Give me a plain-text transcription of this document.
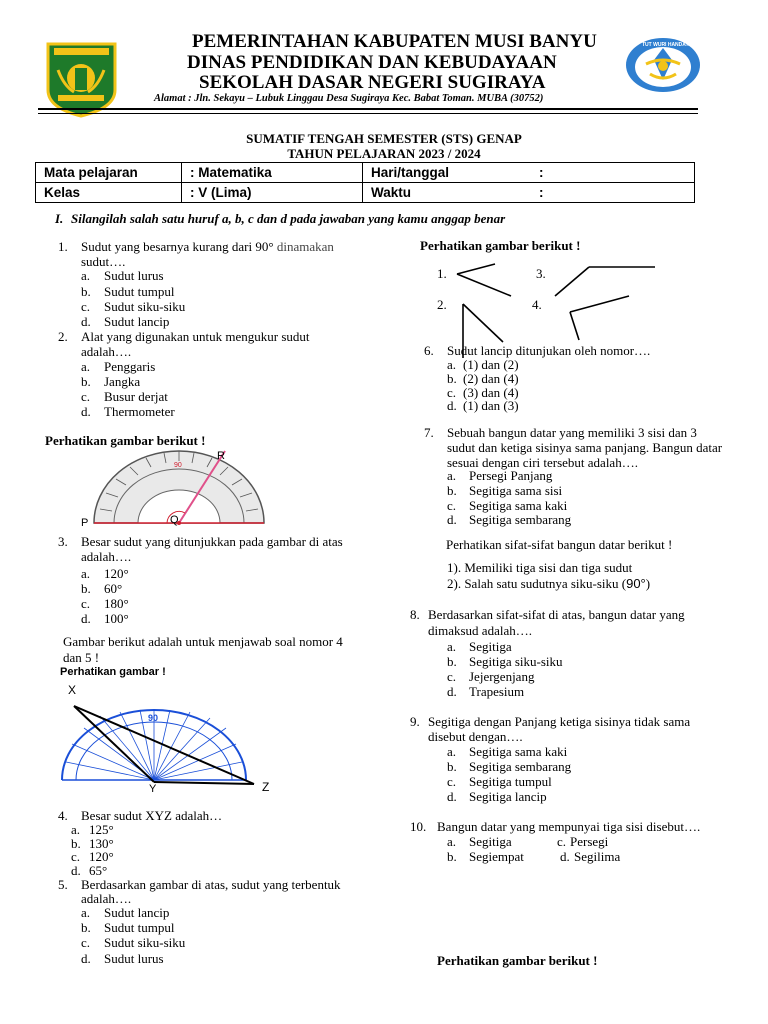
PEMERINTAHAN KABUPATEN MUSI BANYU
DINAS PENDIDIKAN DAN KEBUDAYAAN
SEKOLAH DASAR NEGERI SUGIRAYA
Alamat : Jln. Sekayu – Lubuk Linggau Desa Sugiraya Kec. Babat Toman. MUBA (30752)
TUT WURI HANDAYANI
SUMATIF TENGAH SEMESTER (STS) GENAP
TAHUN PELAJARAN 2023 / 2024
Mata pelajaran	: Matematika	Hari/tanggal	:
Kelas	: V (Lima)	Waktu	:
I. Silangilah salah satu huruf a, b, c dan d pada jawaban yang kamu anggap benar
1. Sudut yang besarnya kurang dari 90° dinamakan
sudut….
a. Sudut lurus
b. Sudut tumpul
c. Sudut siku-siku
d. Sudut lancip
2. Alat yang digunakan untuk mengukur sudut
adalah….
a. Penggaris
b. Jangka
c. Busur derjat
d. Thermometer
Perhatikan gambar berikut !
90
P	Q
R
3. Besar sudut yang ditunjukkan pada gambar di atas
adalah….
a. 120°
b. 60°
c. 180°
d. 100°
Gambar berikut adalah untuk menjawab soal nomor 4
dan 5 !
Perhatikan gambar !
90
X
Y	Z
4. Besar sudut XYZ adalah…
a. 125°
b. 130°
c. 120°
d. 65°
5. Berdasarkan gambar di atas, sudut yang terbentuk
adalah….
a. Sudut lancip
b. Sudut tumpul
c. Sudut siku-siku
d. Sudut lurus
Perhatikan gambar berikut !
1.	3.
2.	4.
6. Sudut lancip ditunjukan oleh nomor….
a. (1) dan (2)
b. (2) dan (4)
c. (3) dan (4)
d. (1) dan (3)
7. Sebuah bangun datar yang memiliki 3 sisi dan 3
sudut dan ketiga sisinya sama panjang. Bangun datar
sesuai dengan ciri tersebut adalah….
a. Persegi Panjang
b. Segitiga sama sisi
c. Segitiga sama kaki
d. Segitiga sembarang
Perhatikan sifat-sifat bangun datar berikut !
1). Memiliki tiga sisi dan tiga sudut
2). Salah satu sudutnya siku-siku (90°)
8. Berdasarkan sifat-sifat di atas, bangun datar yang
dimaksud adalah….
a. Segitiga
b. Segitiga siku-siku
c. Jejergenjang
d. Trapesium
9. Segitiga dengan Panjang ketiga sisinya tidak sama
disebut dengan….
a. Segitiga sama kaki
b. Segitiga sembarang
c. Segitiga tumpul
d. Segitiga lancip
10. Bangun datar yang mempunyai tiga sisi disebut….
a. Segitiga	c. Persegi
b. Segiempat	d. Segilima
Perhatikan gambar berikut !
